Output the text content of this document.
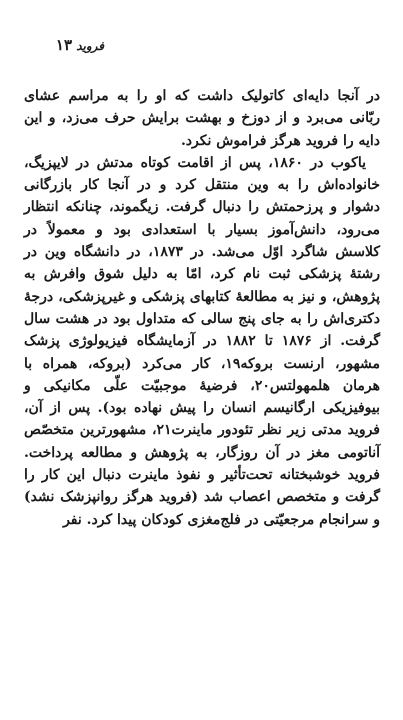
فروید ۱۳

در آنجا دایه‌ای کاتولیک داشت که او را به مراسم عشای ربّانی می‌برد و از دوزخ و بهشت برایش حرف می‌زد، و این دایه را فروید هرگز فراموش نکرد.

یاکوب در ۱۸۶۰، پس از اقامت کوتاه مدتش در لایپزیگ، خانواده‌اش را به وین منتقل کرد و در آنجا کار بازرگانی دشوار و پرزحمتش را دنبال گرفت. زیگموند، چنانکه انتظار می‌رود، دانش‌آموز بسیار با استعدادی بود و معمولاً در کلاسش شاگرد اوّل می‌شد. در ۱۸۷۳، در دانشگاه وین در رشتهٔ پزشکی ثبت نام کرد، امّا به دلیل شوق وافرش به پژوهش، و نیز به مطالعهٔ کتابهای پزشکی و غیرپزشکی، درجهٔ دکتری‌اش را به جای پنج سالی که متداول بود در هشت سال گرفت. از ۱۸۷۶ تا ۱۸۸۲ در آزمایشگاه فیزیولوژی پزشک مشهور، ارنست بروکه۱۹، کار می‌کرد (بروکه، همراه با هرمان هلمهولتس۲۰، فرضیهٔ موجبیّت علّی مکانیکی و بیوفیزیکی ارگانیسم انسان را پیش نهاده بود). پس از آن، فروید مدتی زیر نظر تئودور ماینرت۲۱، مشهورترین متخصّص آناتومی مغز در آن روزگار، به پژوهش و مطالعه پرداخت. فروید خوشبختانه تحت‌تأثیر و نفوذ ماینرت دنبال این کار را گرفت و متخصص اعصاب شد (فروید هرگز روانپزشک نشد) و سرانجام مرجعیّتی در فلج‌مغزی کودکان پیدا کرد. نفر
